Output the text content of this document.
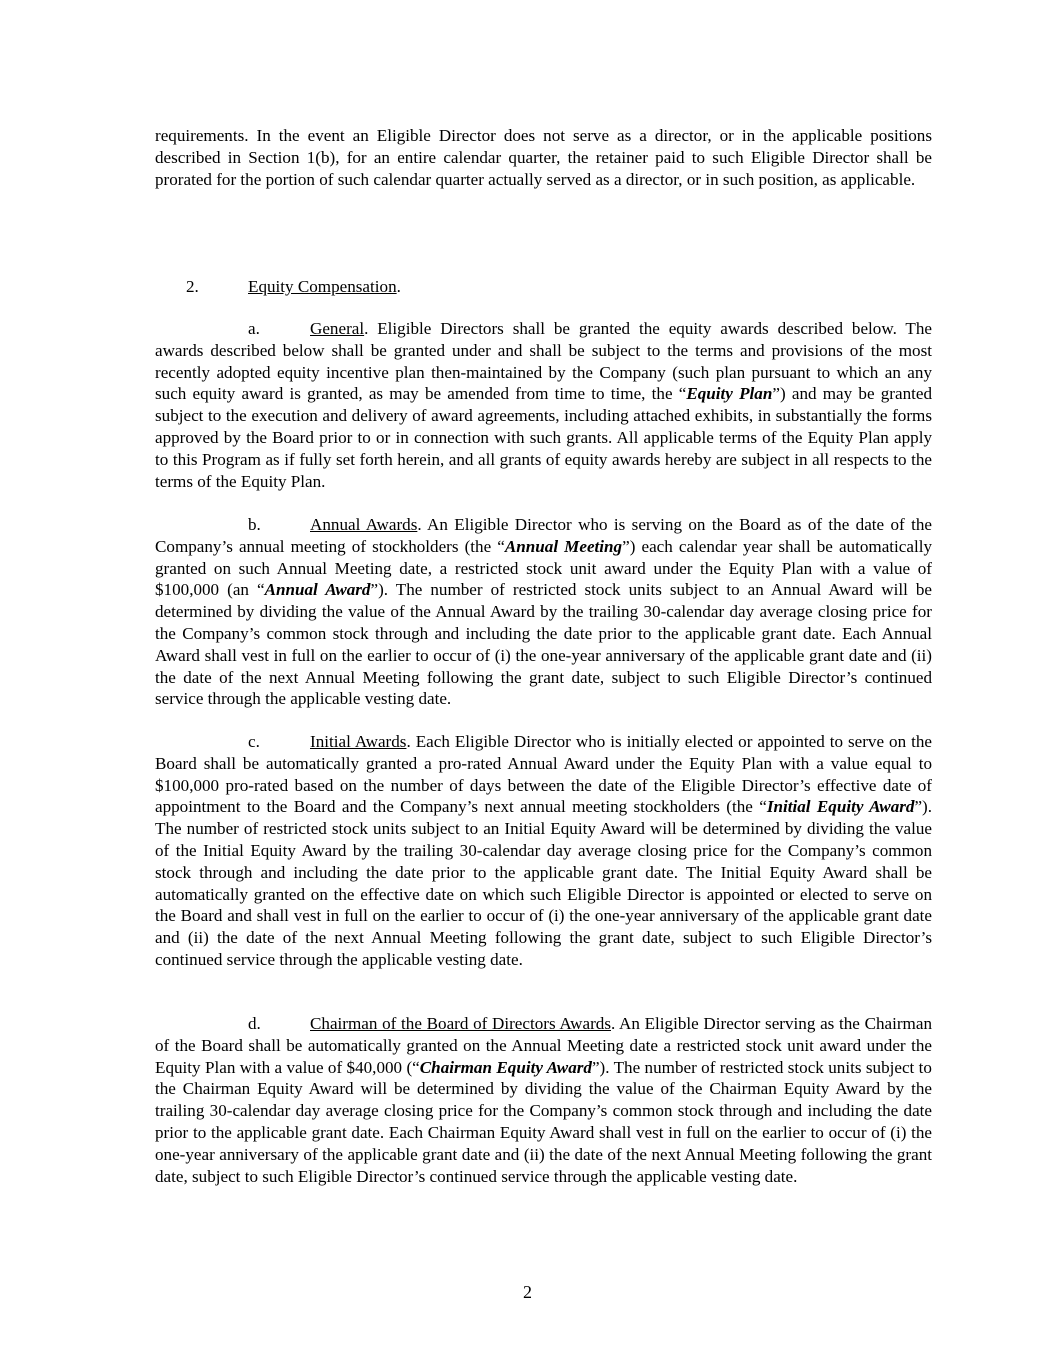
requirements. In the event an Eligible Director does not serve as a director, or in the applicable positions described in Section 1(b), for an entire calendar quarter, the retainer paid to such Eligible Director shall be prorated for the portion of such calendar quarter actually served as a director, or in such position, as applicable.

2.	Equity Compensation.

a.	General. Eligible Directors shall be granted the equity awards described below. The awards described below shall be granted under and shall be subject to the terms and provisions of the most recently adopted equity incentive plan then-maintained by the Company (such plan pursuant to which an any such equity award is granted, as may be amended from time to time, the “Equity Plan”) and may be granted subject to the execution and delivery of award agreements, including attached exhibits, in substantially the forms approved by the Board prior to or in connection with such grants. All applicable terms of the Equity Plan apply to this Program as if fully set forth herein, and all grants of equity awards hereby are subject in all respects to the terms of the Equity Plan.

b.	Annual Awards. An Eligible Director who is serving on the Board as of the date of the Company’s annual meeting of stockholders (the “Annual Meeting”) each calendar year shall be automatically granted on such Annual Meeting date, a restricted stock unit award under the Equity Plan with a value of $100,000 (an “Annual Award”). The number of restricted stock units subject to an Annual Award will be determined by dividing the value of the Annual Award by the trailing 30-calendar day average closing price for the Company’s common stock through and including the date prior to the applicable grant date. Each Annual Award shall vest in full on the earlier to occur of (i) the one-year anniversary of the applicable grant date and (ii) the date of the next Annual Meeting following the grant date, subject to such Eligible Director’s continued service through the applicable vesting date.

c.	Initial Awards. Each Eligible Director who is initially elected or appointed to serve on the Board shall be automatically granted a pro-rated Annual Award under the Equity Plan with a value equal to $100,000 pro-rated based on the number of days between the date of the Eligible Director’s effective date of appointment to the Board and the Company’s next annual meeting stockholders (the “Initial Equity Award”). The number of restricted stock units subject to an Initial Equity Award will be determined by dividing the value of the Initial Equity Award by the trailing 30-calendar day average closing price for the Company’s common stock through and including the date prior to the applicable grant date. The Initial Equity Award shall be automatically granted on the effective date on which such Eligible Director is appointed or elected to serve on the Board and shall vest in full on the earlier to occur of (i) the one-year anniversary of the applicable grant date and (ii) the date of the next Annual Meeting following the grant date, subject to such Eligible Director’s continued service through the applicable vesting date.

d.	Chairman of the Board of Directors Awards. An Eligible Director serving as the Chairman of the Board shall be automatically granted on the Annual Meeting date a restricted stock unit award under the Equity Plan with a value of $40,000 (“Chairman Equity Award”). The number of restricted stock units subject to the Chairman Equity Award will be determined by dividing the value of the Chairman Equity Award by the trailing 30-calendar day average closing price for the Company’s common stock through and including the date prior to the applicable grant date. Each Chairman Equity Award shall vest in full on the earlier to occur of (i) the one-year anniversary of the applicable grant date and (ii) the date of the next Annual Meeting following the grant date, subject to such Eligible Director’s continued service through the applicable vesting date.

2
